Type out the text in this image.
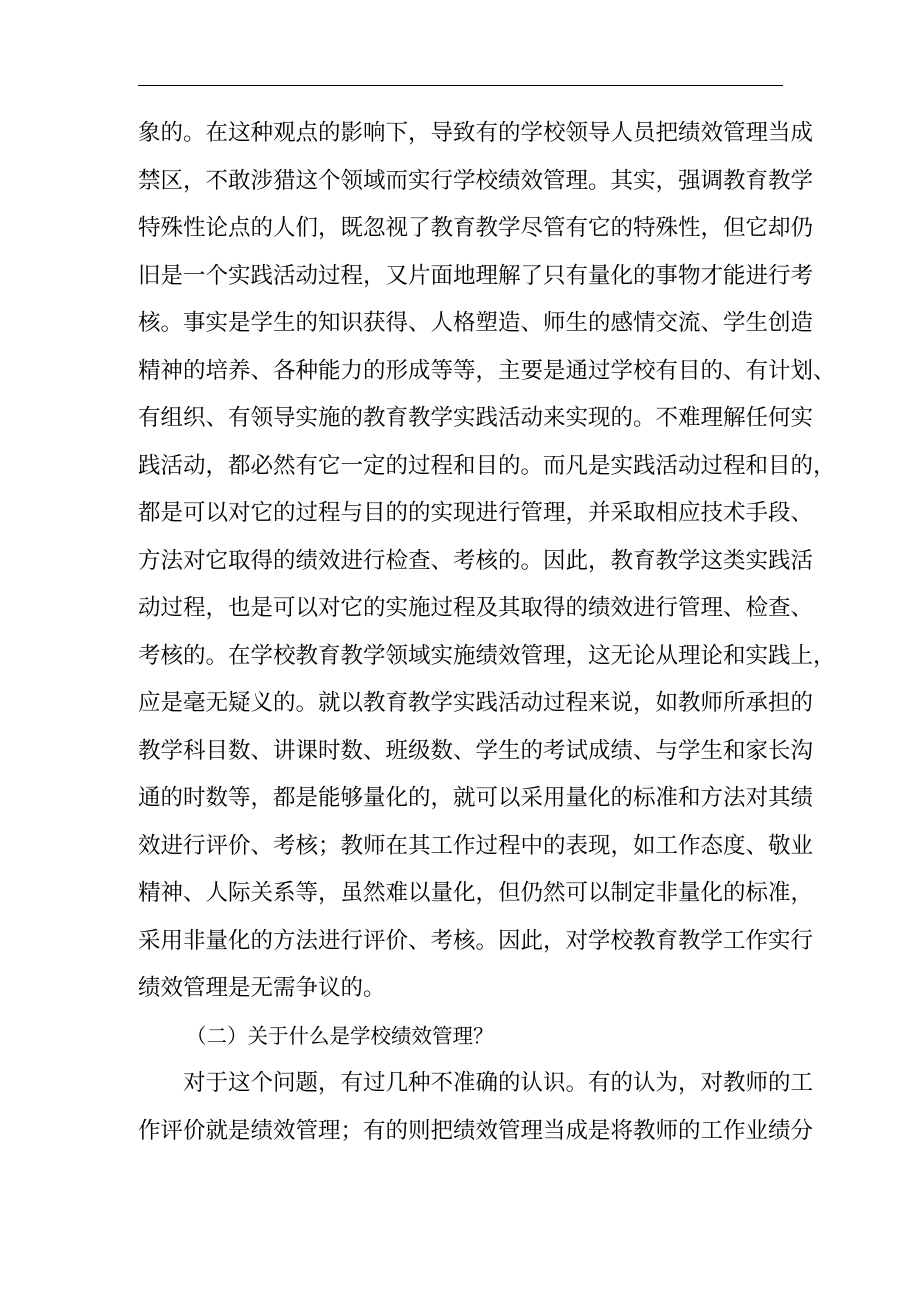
象的。在这种观点的影响下，导致有的学校领导人员把绩效管理当成
禁区，不敢涉猎这个领域而实行学校绩效管理。其实，强调教育教学
特殊性论点的人们，既忽视了教育教学尽管有它的特殊性，但它却仍
旧是一个实践活动过程，又片面地理解了只有量化的事物才能进行考
核。事实是学生的知识获得、人格塑造、师生的感情交流、学生创造
精神的培养、各种能力的形成等等，主要是通过学校有目的、有计划、
有组织、有领导实施的教育教学实践活动来实现的。不难理解任何实
践活动，都必然有它一定的过程和目的。而凡是实践活动过程和目的，
都是可以对它的过程与目的的实现进行管理，并采取相应技术手段、
方法对它取得的绩效进行检查、考核的。因此，教育教学这类实践活
动过程，也是可以对它的实施过程及其取得的绩效进行管理、检查、
考核的。在学校教育教学领域实施绩效管理，这无论从理论和实践上，
应是毫无疑义的。就以教育教学实践活动过程来说，如教师所承担的
教学科目数、讲课时数、班级数、学生的考试成绩、与学生和家长沟
通的时数等，都是能够量化的，就可以采用量化的标准和方法对其绩
效进行评价、考核；教师在其工作过程中的表现，如工作态度、敬业
精神、人际关系等，虽然难以量化，但仍然可以制定非量化的标准，
采用非量化的方法进行评价、考核。因此，对学校教育教学工作实行
绩效管理是无需争议的。
（二）关于什么是学校绩效管理？
对于这个问题，有过几种不准确的认识。有的认为，对教师的工
作评价就是绩效管理；有的则把绩效管理当成是将教师的工作业绩分
